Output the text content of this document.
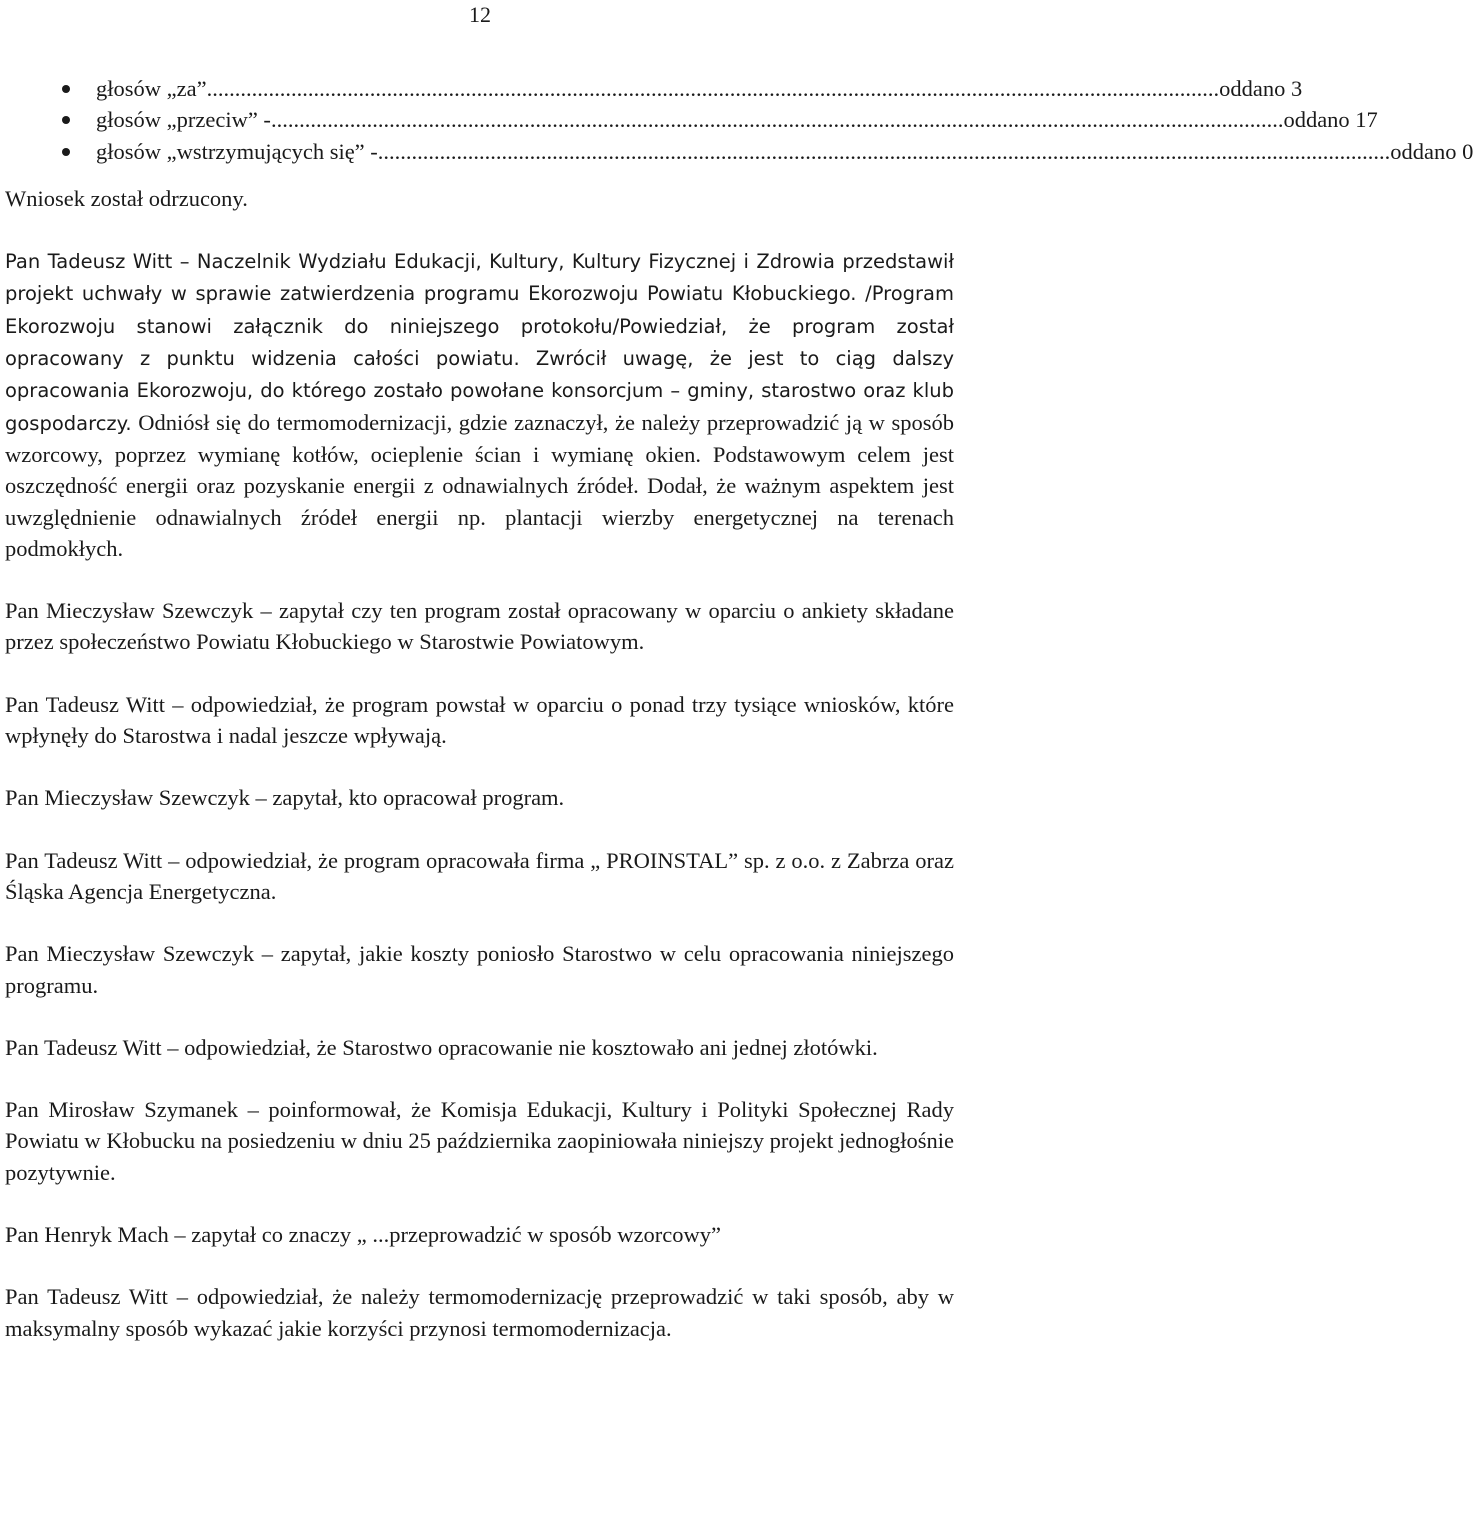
12
głosów „za” .....	oddano 3
głosów „przeciw” - .....	oddano 17
głosów „wstrzymujących się” - .....	oddano 0

Wniosek został odrzucony.

Pan Tadeusz Witt – Naczelnik Wydziału Edukacji, Kultury, Kultury Fizycznej i Zdrowia przedstawił projekt uchwały w sprawie zatwierdzenia programu Ekorozwoju Powiatu Kłobuckiego. /Program Ekorozwoju stanowi załącznik do niniejszego protokołu/Powiedział, że program został opracowany z punktu widzenia całości powiatu. Zwrócił uwagę, że jest to ciąg dalszy opracowania Ekorozwoju, do którego zostało powołane konsorcjum – gminy, starostwo oraz klub gospodarczy. Odniósł się do termomodernizacji, gdzie zaznaczył, że należy przeprowadzić ją w sposób wzorcowy, poprzez wymianę kotłów, ocieplenie ścian i wymianę okien. Podstawowym celem jest oszczędność energii oraz pozyskanie energii z odnawialnych źródeł. Dodał, że ważnym aspektem jest uwzględnienie odnawialnych źródeł energii np. plantacji wierzby energetycznej na terenach podmokłych.

Pan Mieczysław Szewczyk – zapytał czy ten program został opracowany w oparciu o ankiety składane przez społeczeństwo Powiatu Kłobuckiego w Starostwie Powiatowym.

Pan Tadeusz Witt – odpowiedział, że program powstał w oparciu o ponad trzy tysiące wniosków, które wpłynęły do Starostwa i nadal jeszcze wpływają.

Pan Mieczysław Szewczyk – zapytał, kto opracował program.

Pan Tadeusz Witt – odpowiedział, że program opracowała firma „ PROINSTAL” sp. z o.o. z Zabrza oraz Śląska Agencja Energetyczna.

Pan Mieczysław Szewczyk – zapytał, jakie koszty poniosło Starostwo w celu opracowania niniejszego programu.

Pan Tadeusz Witt – odpowiedział, że Starostwo opracowanie nie kosztowało ani jednej złotówki.

Pan Mirosław Szymanek – poinformował, że Komisja Edukacji, Kultury i Polityki Społecznej Rady Powiatu w Kłobucku na posiedzeniu w dniu 25 października zaopiniowała niniejszy projekt jednogłośnie pozytywnie.

Pan Henryk Mach – zapytał co znaczy „ ...przeprowadzić w sposób wzorcowy”

Pan Tadeusz Witt – odpowiedział, że należy termomodernizację przeprowadzić w taki sposób, aby w maksymalny sposób wykazać jakie korzyści przynosi termomodernizacja.
